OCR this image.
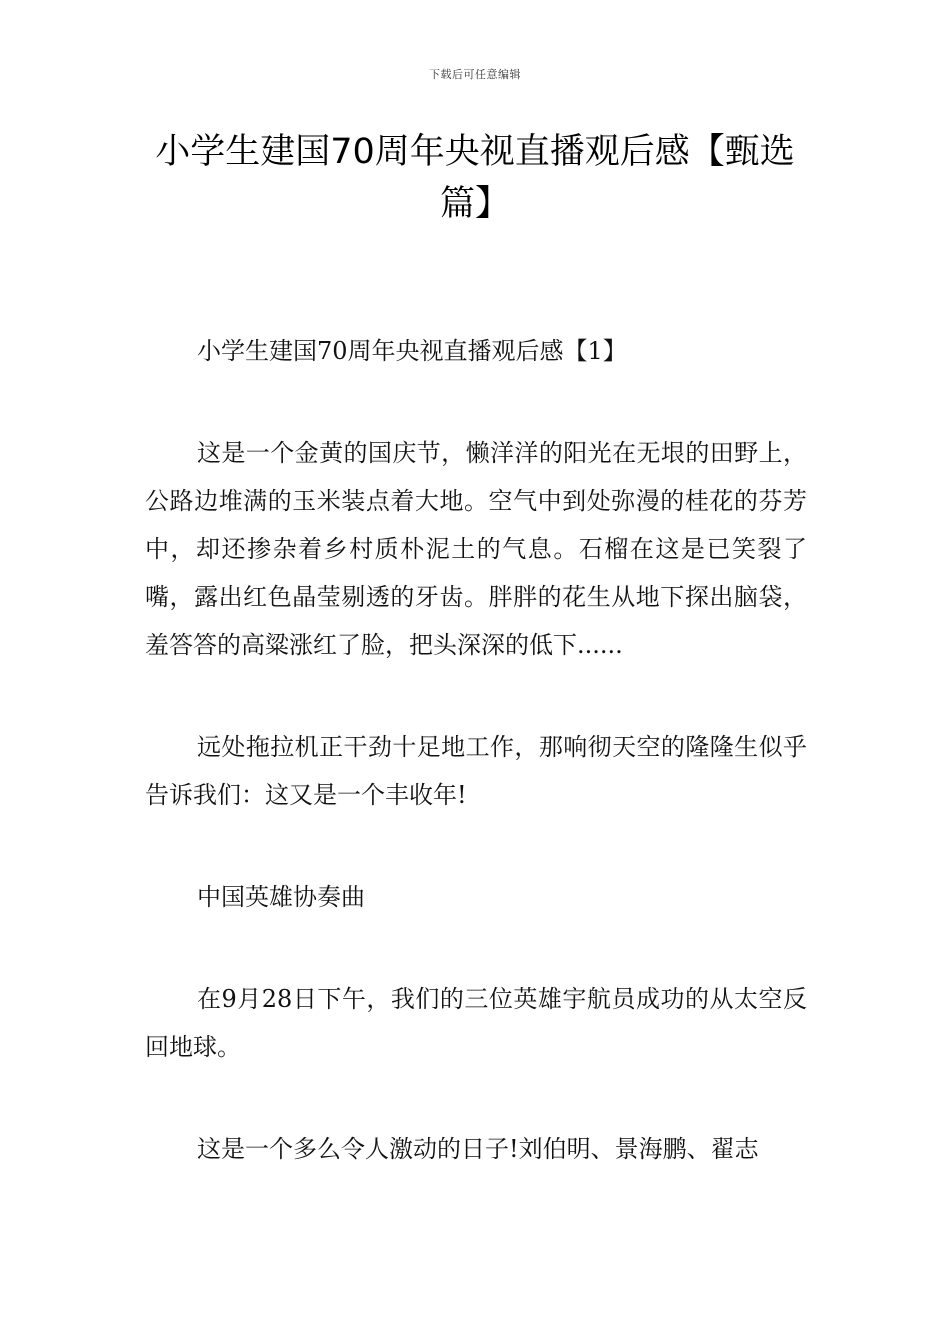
下载后可任意编辑
小学生建国70周年央视直播观后感【甄选篇】

小学生建国70周年央视直播观后感【1】

这是一个金黄的国庆节，懒洋洋的阳光在无垠的田野上，公路边堆满的玉米装点着大地。空气中到处弥漫的桂花的芬芳中，却还掺杂着乡村质朴泥土的气息。石榴在这是已笑裂了嘴，露出红色晶莹剔透的牙齿。胖胖的花生从地下探出脑袋，羞答答的高粱涨红了脸，把头深深的低下......

远处拖拉机正干劲十足地工作，那响彻天空的隆隆生似乎告诉我们：这又是一个丰收年!

中国英雄协奏曲

在9月28日下午，我们的三位英雄宇航员成功的从太空反回地球。

这是一个多么令人激动的日子!刘伯明、景海鹏、翟志
